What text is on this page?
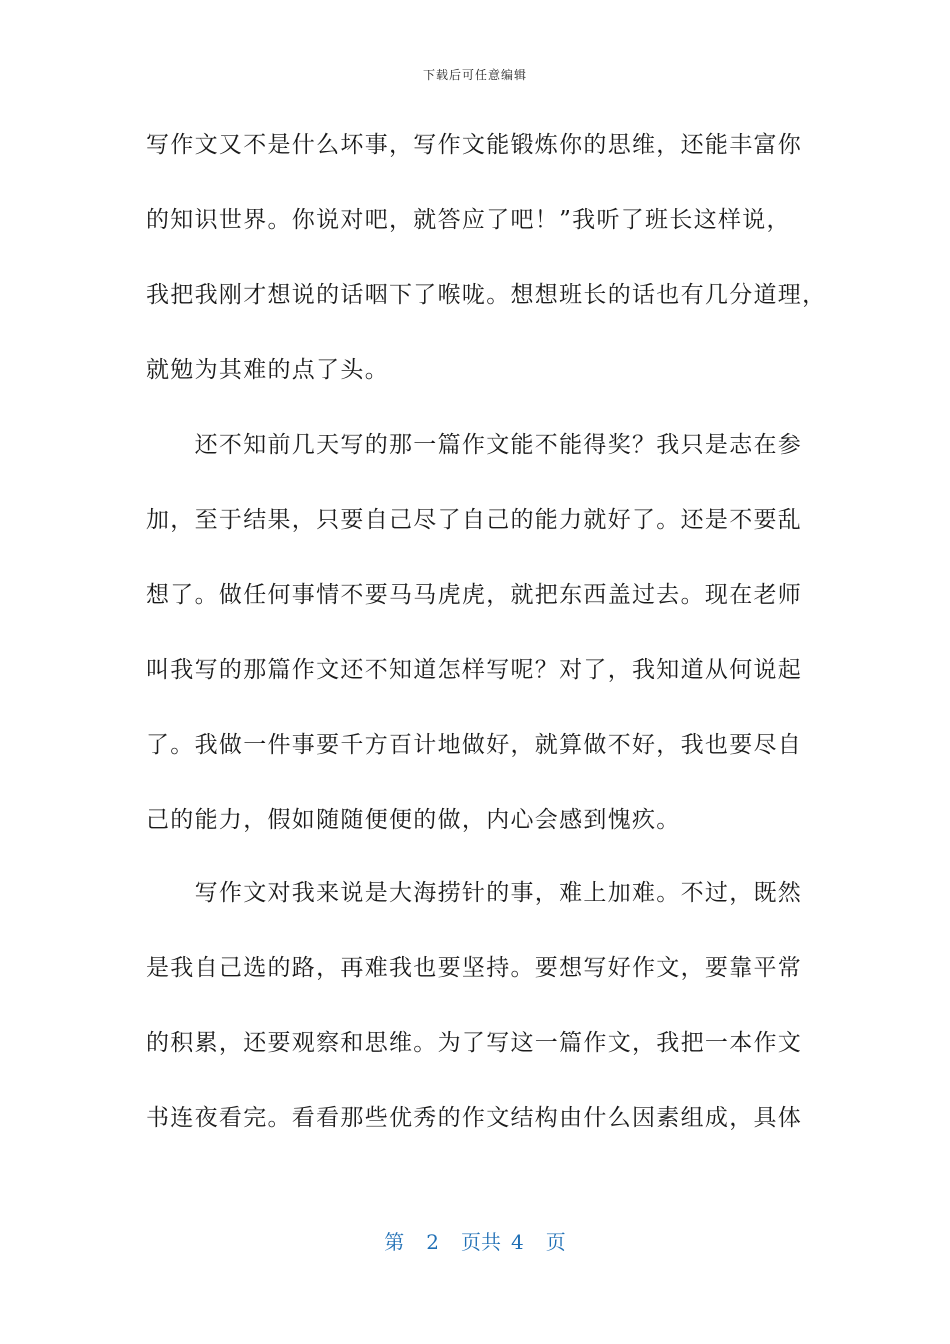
下载后可任意编辑
写作文又不是什么坏事，写作文能锻炼你的思维，还能丰富你
的知识世界。你说对吧，就答应了吧！”我听了班长这样说，
我把我刚才想说的话咽下了喉咙。想想班长的话也有几分道理，
就勉为其难的点了头。
　　还不知前几天写的那一篇作文能不能得奖？我只是志在参
加，至于结果，只要自己尽了自己的能力就好了。还是不要乱
想了。做任何事情不要马马虎虎，就把东西盖过去。现在老师
叫我写的那篇作文还不知道怎样写呢？对了，我知道从何说起
了。我做一件事要千方百计地做好，就算做不好，我也要尽自
己的能力，假如随随便便的做，内心会感到愧疚。
　　写作文对我来说是大海捞针的事，难上加难。不过，既然
是我自己选的路，再难我也要坚持。要想写好作文，要靠平常
的积累，还要观察和思维。为了写这一篇作文，我把一本作文
书连夜看完。看看那些优秀的作文结构由什么因素组成，具体
第 2 页共 4 页
